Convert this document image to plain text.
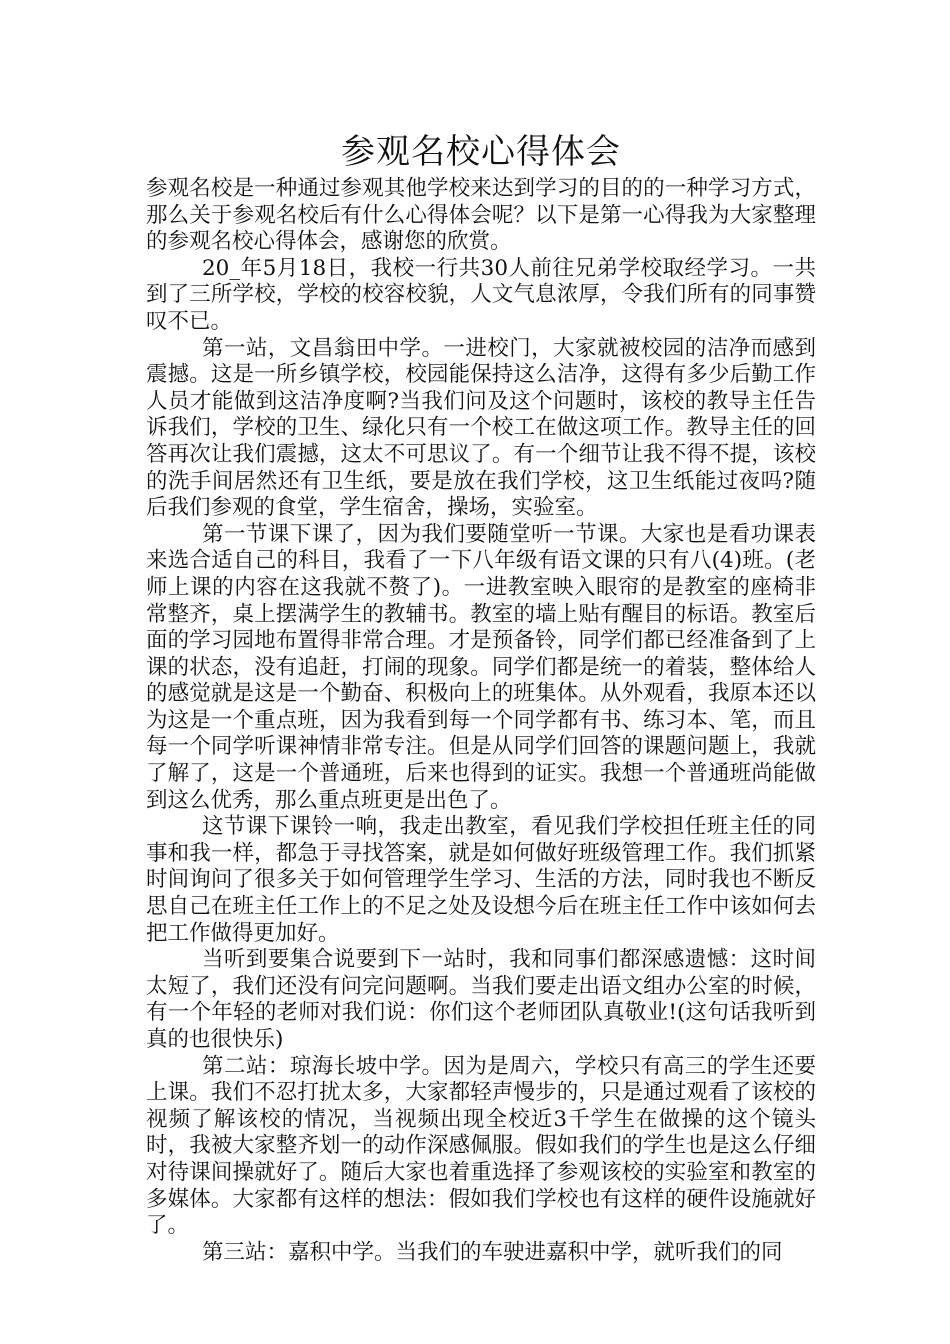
参观名校心得体会

参观名校是一种通过参观其他学校来达到学习的目的的一种学习方式，那么关于参观名校后有什么心得体会呢？以下是第一心得我为大家整理的参观名校心得体会，感谢您的欣赏。

20_年5月18日，我校一行共30人前往兄弟学校取经学习。一共到了三所学校，学校的校容校貌，人文气息浓厚，令我们所有的同事赞叹不已。

第一站，文昌翁田中学。一进校门，大家就被校园的洁净而感到震撼。这是一所乡镇学校，校园能保持这么洁净，这得有多少后勤工作人员才能做到这洁净度啊?当我们问及这个问题时，该校的教导主任告诉我们，学校的卫生、绿化只有一个校工在做这项工作。教导主任的回答再次让我们震撼，这太不可思议了。有一个细节让我不得不提，该校的洗手间居然还有卫生纸，要是放在我们学校，这卫生纸能过夜吗?随后我们参观的食堂，学生宿舍，操场，实验室。

第一节课下课了，因为我们要随堂听一节课。大家也是看功课表来选合适自己的科目，我看了一下八年级有语文课的只有八(4)班。(老师上课的内容在这我就不赘了)。一进教室映入眼帘的是教室的座椅非常整齐，桌上摆满学生的教辅书。教室的墙上贴有醒目的标语。教室后面的学习园地布置得非常合理。才是预备铃，同学们都已经准备到了上课的状态，没有追赶，打闹的现象。同学们都是统一的着装，整体给人的感觉就是这是一个勤奋、积极向上的班集体。从外观看，我原本还以为这是一个重点班，因为我看到每一个同学都有书、练习本、笔，而且每一个同学听课神情非常专注。但是从同学们回答的课题问题上，我就了解了，这是一个普通班，后来也得到的证实。我想一个普通班尚能做到这么优秀，那么重点班更是出色了。

这节课下课铃一响，我走出教室，看见我们学校担任班主任的同事和我一样，都急于寻找答案，就是如何做好班级管理工作。我们抓紧时间询问了很多关于如何管理学生学习、生活的方法，同时我也不断反思自己在班主任工作上的不足之处及设想今后在班主任工作中该如何去把工作做得更加好。

当听到要集合说要到下一站时，我和同事们都深感遗憾：这时间太短了，我们还没有问完问题啊。当我们要走出语文组办公室的时候，有一个年轻的老师对我们说：你们这个老师团队真敬业!(这句话我听到真的也很快乐)

第二站：琼海长坡中学。因为是周六，学校只有高三的学生还要上课。我们不忍打扰太多，大家都轻声慢步的，只是通过观看了该校的视频了解该校的情况，当视频出现全校近3千学生在做操的这个镜头时，我被大家整齐划一的动作深感佩服。假如我们的学生也是这么仔细对待课间操就好了。随后大家也着重选择了参观该校的实验室和教室的多媒体。大家都有这样的想法：假如我们学校也有这样的硬件设施就好了。

第三站：嘉积中学。当我们的车驶进嘉积中学，就听我们的同
